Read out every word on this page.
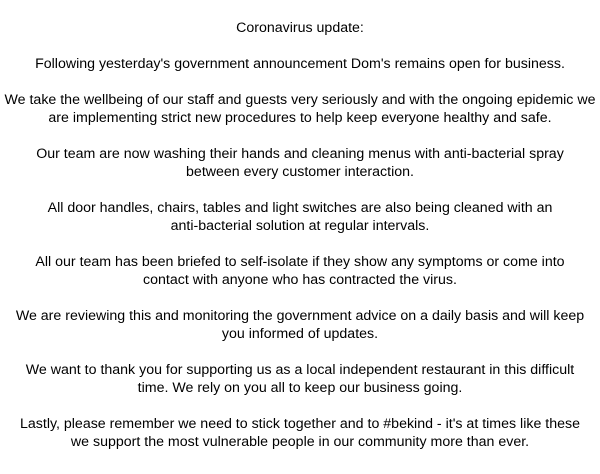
Coronavirus update:

Following yesterday's government announcement Dom's remains open for business.

We take the wellbeing of our staff and guests very seriously and with the ongoing epidemic we
are implementing strict new procedures to help keep everyone healthy and safe.

Our team are now washing their hands and cleaning menus with anti-bacterial spray
between every customer interaction.

All door handles, chairs, tables and light switches are also being cleaned with an
anti-bacterial solution at regular intervals.

All our team has been briefed to self-isolate if they show any symptoms or come into
contact with anyone who has contracted the virus.

We are reviewing this and monitoring the government advice on a daily basis and will keep
you informed of updates.

We want to thank you for supporting us as a local independent restaurant in this difficult
time. We rely on you all to keep our business going.

Lastly, please remember we need to stick together and to #bekind - it's at times like these
we support the most vulnerable people in our community more than ever.
